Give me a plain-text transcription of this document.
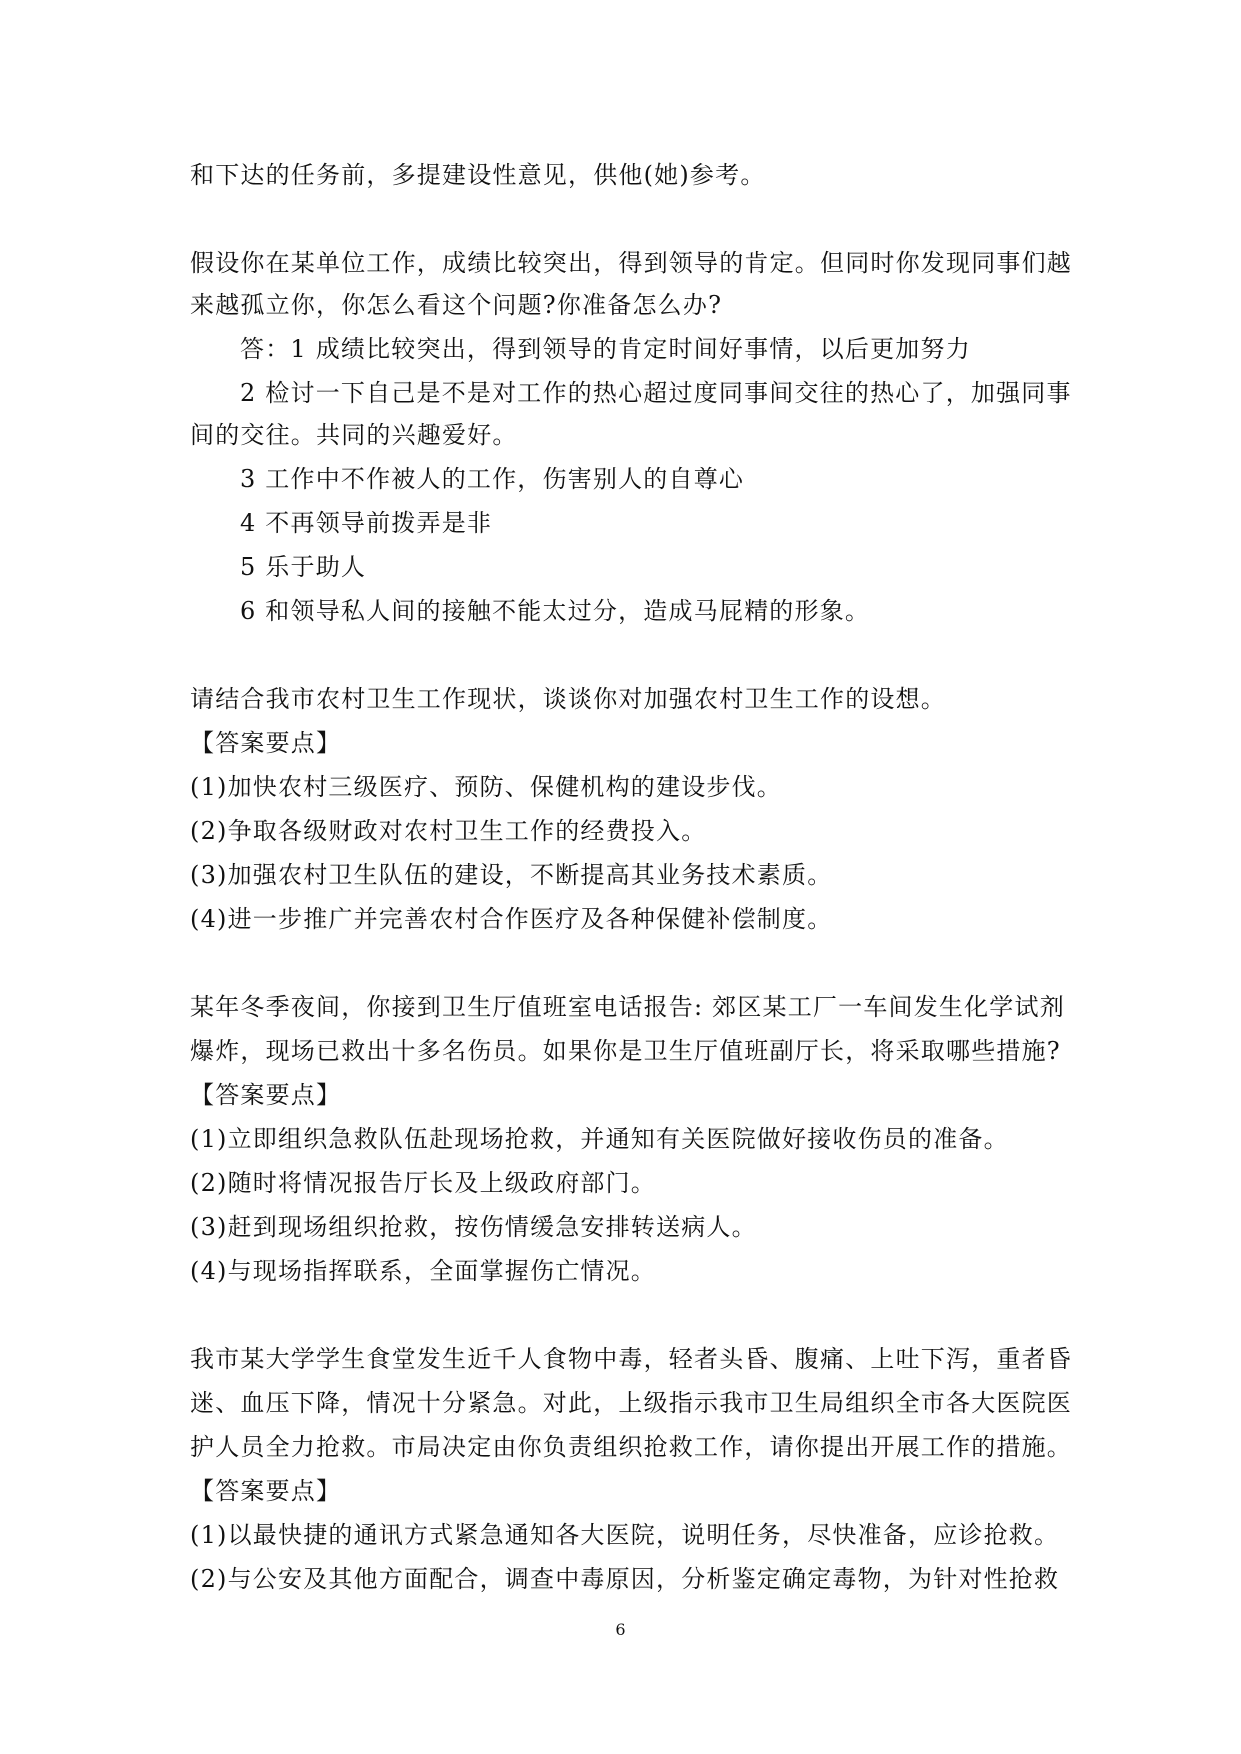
和下达的任务前，多提建设性意见，供他(她)参考。
假设你在某单位工作，成绩比较突出，得到领导的肯定。但同时你发现同事们越
来越孤立你，你怎么看这个问题?你准备怎么办?
答：1 成绩比较突出，得到领导的肯定时间好事情，以后更加努力
2 检讨一下自己是不是对工作的热心超过度同事间交往的热心了，加强同事
间的交往。共同的兴趣爱好。
3 工作中不作被人的工作，伤害别人的自尊心
4 不再领导前拨弄是非
5 乐于助人
6 和领导私人间的接触不能太过分，造成马屁精的形象。
请结合我市农村卫生工作现状，谈谈你对加强农村卫生工作的设想。
【答案要点】
(1)加快农村三级医疗、预防、保健机构的建设步伐。
(2)争取各级财政对农村卫生工作的经费投入。
(3)加强农村卫生队伍的建设，不断提高其业务技术素质。
(4)进一步推广并完善农村合作医疗及各种保健补偿制度。
某年冬季夜间，你接到卫生厅值班室电话报告: 郊区某工厂一车间发生化学试剂
爆炸，现场已救出十多名伤员。如果你是卫生厅值班副厅长，将采取哪些措施?
【答案要点】
(1)立即组织急救队伍赴现场抢救，并通知有关医院做好接收伤员的准备。
(2)随时将情况报告厅长及上级政府部门。
(3)赶到现场组织抢救，按伤情缓急安排转送病人。
(4)与现场指挥联系，全面掌握伤亡情况。
我市某大学学生食堂发生近千人食物中毒，轻者头昏、腹痛、上吐下泻，重者昏
迷、血压下降，情况十分紧急。对此，上级指示我市卫生局组织全市各大医院医
护人员全力抢救。市局决定由你负责组织抢救工作，请你提出开展工作的措施。
【答案要点】
(1)以最快捷的通讯方式紧急通知各大医院，说明任务，尽快准备，应诊抢救。
(2)与公安及其他方面配合，调查中毒原因，分析鉴定确定毒物，为针对性抢救
6
